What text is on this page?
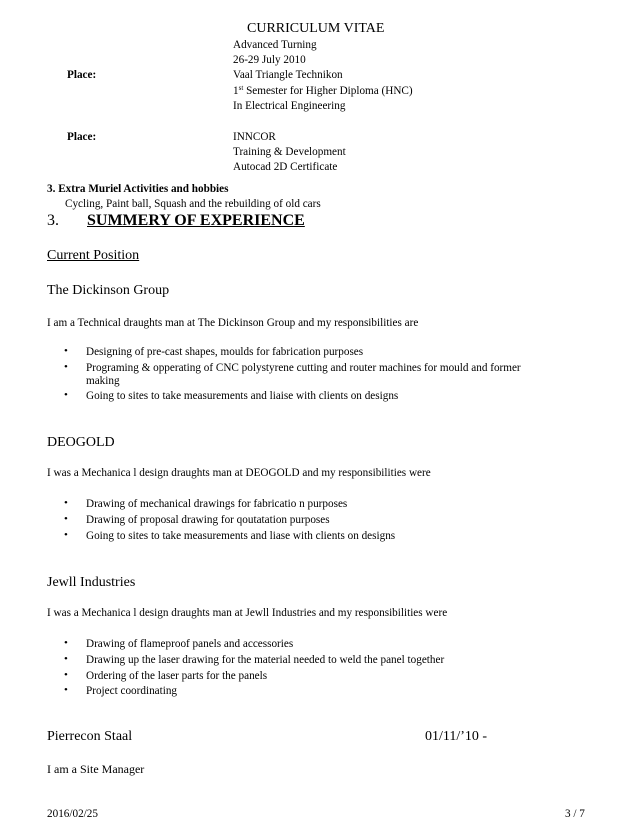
CURRICULUM VITAE
Advanced Turning
26-29 July 2010
Place:	Vaal Triangle Technikon
1st Semester for Higher Diploma (HNC)
In Electrical Engineering
Place:	INNCOR
Training & Development
Autocad 2D Certificate
3. Extra Muriel Activities and hobbies
Cycling, Paint ball, Squash and the rebuilding of old cars
3. SUMMERY OF EXPERIENCE
Current Position
The Dickinson Group
I am a Technical draughts man at The Dickinson Group and my responsibilities are
• Designing of pre-cast shapes, moulds for fabrication purposes
• Programing & opperating of CNC polystyrene cutting and router machines for mould and former
making
• Going to sites to take measurements and liaise with clients on designs
DEOGOLD
I was a Mechanica l design draughts man at DEOGOLD and my responsibilities were
• Drawing of mechanical drawings for fabricatio n purposes
• Drawing of proposal drawing for qoutatation purposes
• Going to sites to take measurements and liase with clients on designs
Jewll Industries
I was a Mechanica l design draughts man at Jewll Industries and my responsibilities were
• Drawing of flameproof panels and accessories
• Drawing up the laser drawing for the material needed to weld the panel together
• Ordering of the laser parts for the panels
• Project coordinating
Pierrecon Staal	01/11/’10 -
I am a Site Manager
2016/02/25	3 / 7
